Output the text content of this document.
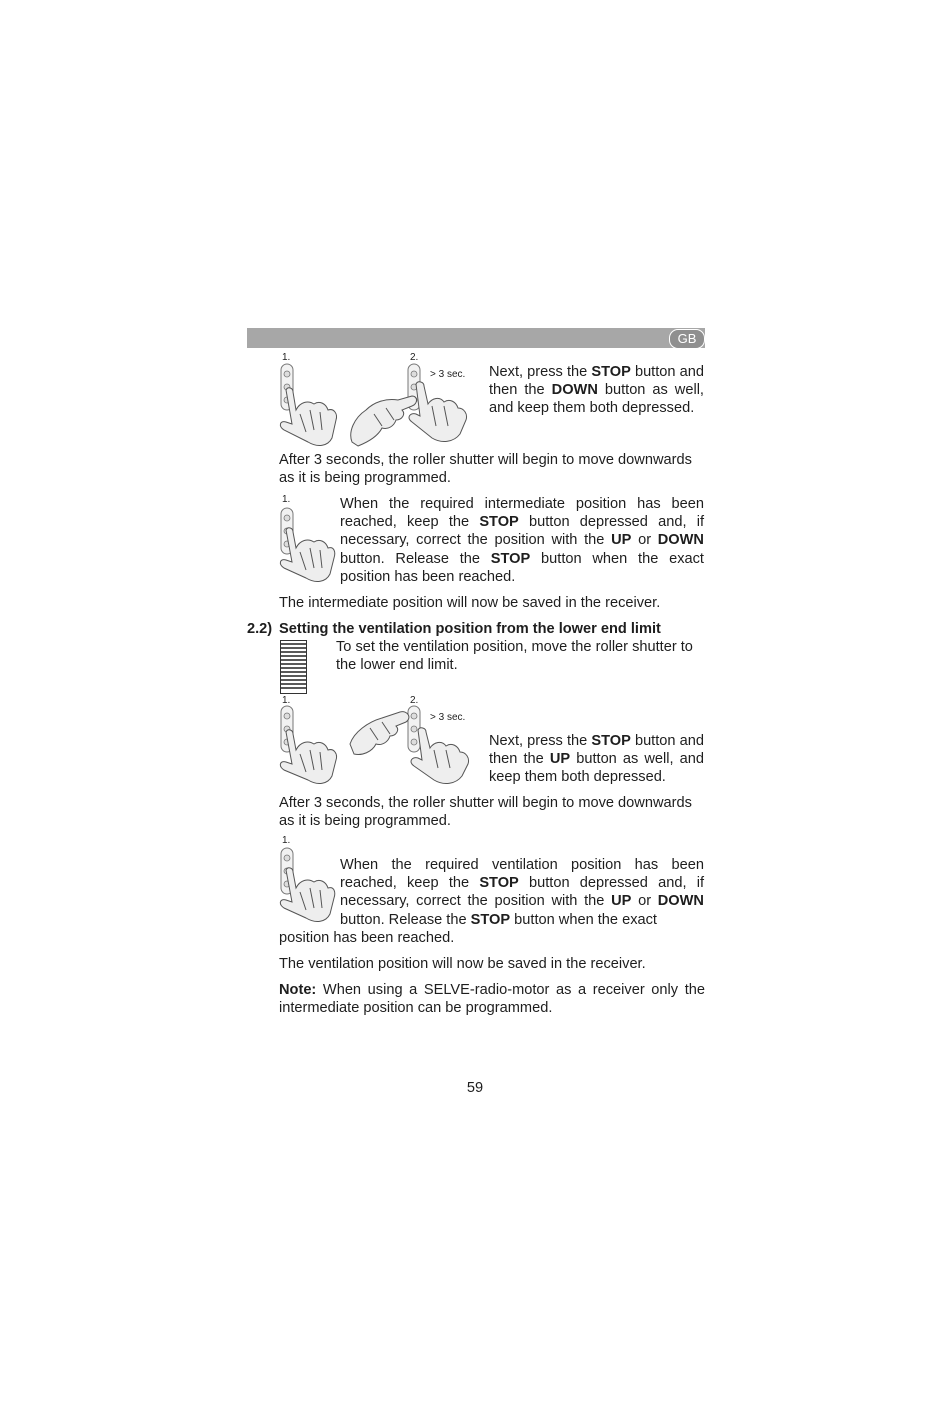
GB
1.	2.
> 3 sec. Next, press the STOP button and then the DOWN button as well, and keep them both depressed.
After 3 seconds, the roller shutter will begin to move downwards as it is being programmed.
1.	When the required intermediate position has been reached, keep the STOP button depressed and, if necessary, correct the position with the UP or DOWN button. Release the STOP button when the exact position has been reached.
The intermediate position will now be saved in the receiver.
2.2) Setting the ventilation position from the lower end limit
To set the ventilation position, move the roller shutter to the lower end limit.
1.	2.
> 3 sec.
Next, press the STOP button and then the UP button as well, and keep them both depressed.
After 3 seconds, the roller shutter will begin to move downwards as it is being programmed.
1.
When the required ventilation position has been reached, keep the STOP button depressed and, if necessary, correct the position with the UP or DOWN button. Release the STOP button when the exact
position has been reached.
The ventilation position will now be saved in the receiver.
Note: When using a SELVE-radio-motor as a receiver only the intermediate position can be programmed.
59
